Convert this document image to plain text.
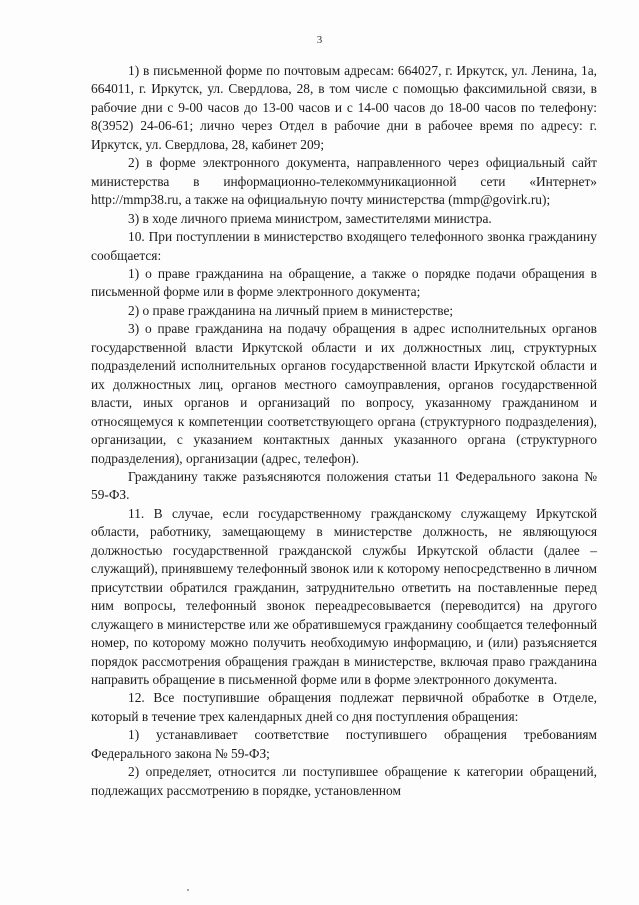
3

1) в письменной форме по почтовым адресам: 664027, г. Иркутск, ул. Ленина, 1а, 664011, г. Иркутск, ул. Свердлова, 28, в том числе с помощью факсимильной связи, в рабочие дни с 9-00 часов до 13-00 часов и с 14-00 часов до 18-00 часов по телефону: 8(3952) 24-06-61; лично через Отдел в рабочие дни в рабочее время по адресу: г. Иркутск, ул. Свердлова, 28, кабинет 209;

2) в форме электронного документа, направленного через официальный сайт министерства в информационно-телекоммуникационной сети «Интернет» http://mmp38.ru, а также на официальную почту министерства (mmp@govirk.ru);

3) в ходе личного приема министром, заместителями министра.

10. При поступлении в министерство входящего телефонного звонка гражданину сообщается:

1) о праве гражданина на обращение, а также о порядке подачи обращения в письменной форме или в форме электронного документа;

2) о праве гражданина на личный прием в министерстве;

3) о праве гражданина на подачу обращения в адрес исполнительных органов государственной власти Иркутской области и их должностных лиц, структурных подразделений исполнительных органов государственной власти Иркутской области и их должностных лиц, органов местного самоуправления, органов государственной власти, иных органов и организаций по вопросу, указанному гражданином и относящемуся к компетенции соответствующего органа (структурного подразделения), организации, с указанием контактных данных указанного органа (структурного подразделения), организации (адрес, телефон).

Гражданину также разъясняются положения статьи 11 Федерального закона № 59-ФЗ.

11. В случае, если государственному гражданскому служащему Иркутской области, работнику, замещающему в министерстве должность, не являющуюся должностью государственной гражданской службы Иркутской области (далее – служащий), принявшему телефонный звонок или к которому непосредственно в личном присутствии обратился гражданин, затруднительно ответить на поставленные перед ним вопросы, телефонный звонок переадресовывается (переводится) на другого служащего в министерстве или же обратившемуся гражданину сообщается телефонный номер, по которому можно получить необходимую информацию, и (или) разъясняется порядок рассмотрения обращения граждан в министерстве, включая право гражданина направить обращение в письменной форме или в форме электронного документа.

12. Все поступившие обращения подлежат первичной обработке в Отделе, который в течение трех календарных дней со дня поступления обращения:

1) устанавливает соответствие поступившего обращения требованиям Федерального закона № 59-ФЗ;

2) определяет, относится ли поступившее обращение к категории обращений, подлежащих рассмотрению в порядке, установленном
